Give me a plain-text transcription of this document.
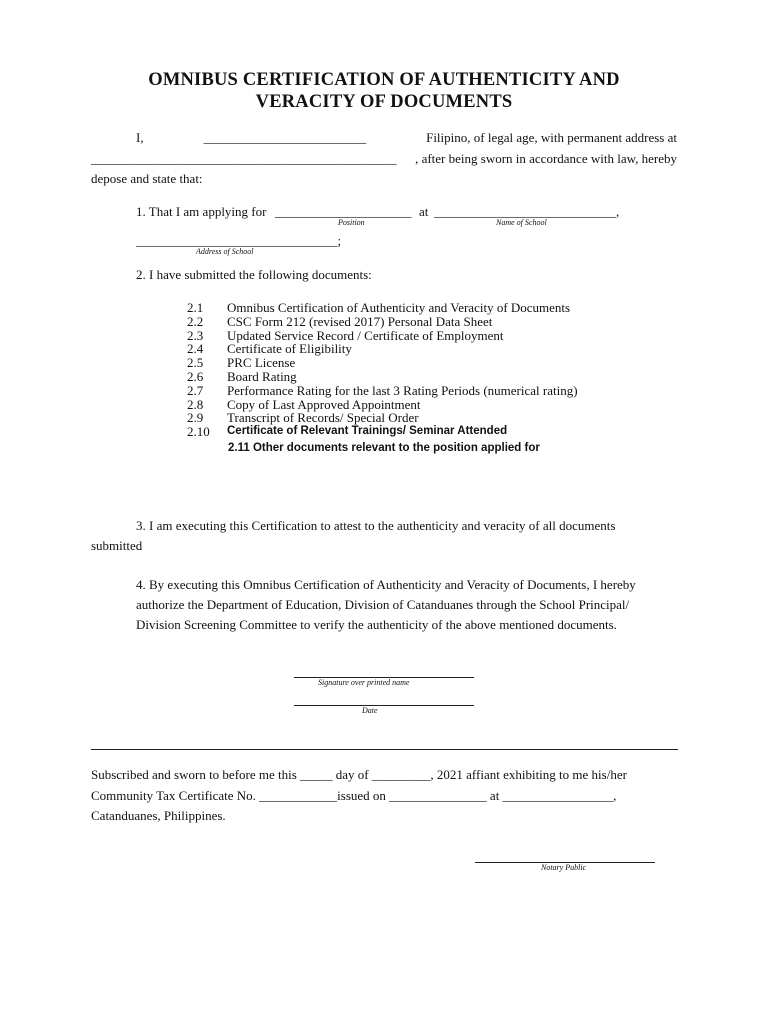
OMNIBUS CERTIFICATION OF AUTHENTICITY AND
VERACITY OF DOCUMENTS
I,	_________________________	Filipino, of legal age, with permanent address at
_______________________________________________ , after being sworn in accordance with law, hereby
depose and state that:
1. That I am applying for _____________________ at ____________________________,
Position	Name of School
_______________________________;
Address of School
2. I have submitted the following documents:
2.1 Omnibus Certification of Authenticity and Veracity of Documents
2.2 CSC Form 212 (revised 2017) Personal Data Sheet
2.3 Updated Service Record / Certificate of Employment
2.4 Certificate of Eligibility
2.5 PRC License
2.6 Board Rating
2.7 Performance Rating for the last 3 Rating Periods (numerical rating)
2.8 Copy of Last Approved Appointment
2.9 Transcript of Records/ Special Order
2.10 Certificate of Relevant Trainings/ Seminar Attended
2.11 Other documents relevant to the position applied for
3. I am executing this Certification to attest to the authenticity and veracity of all documents
submitted
4. By executing this Omnibus Certification of Authenticity and Veracity of Documents, I hereby
authorize the Department of Education, Division of Catanduanes through the School Principal/
Division Screening Committee to verify the authenticity of the above mentioned documents.
Signature over printed name
Date
Subscribed and sworn to before me this _____ day of _________, 2021 affiant exhibiting to me his/her
Community Tax Certificate No. ____________issued on _______________ at _________________,
Catanduanes, Philippines.
Notary Public
